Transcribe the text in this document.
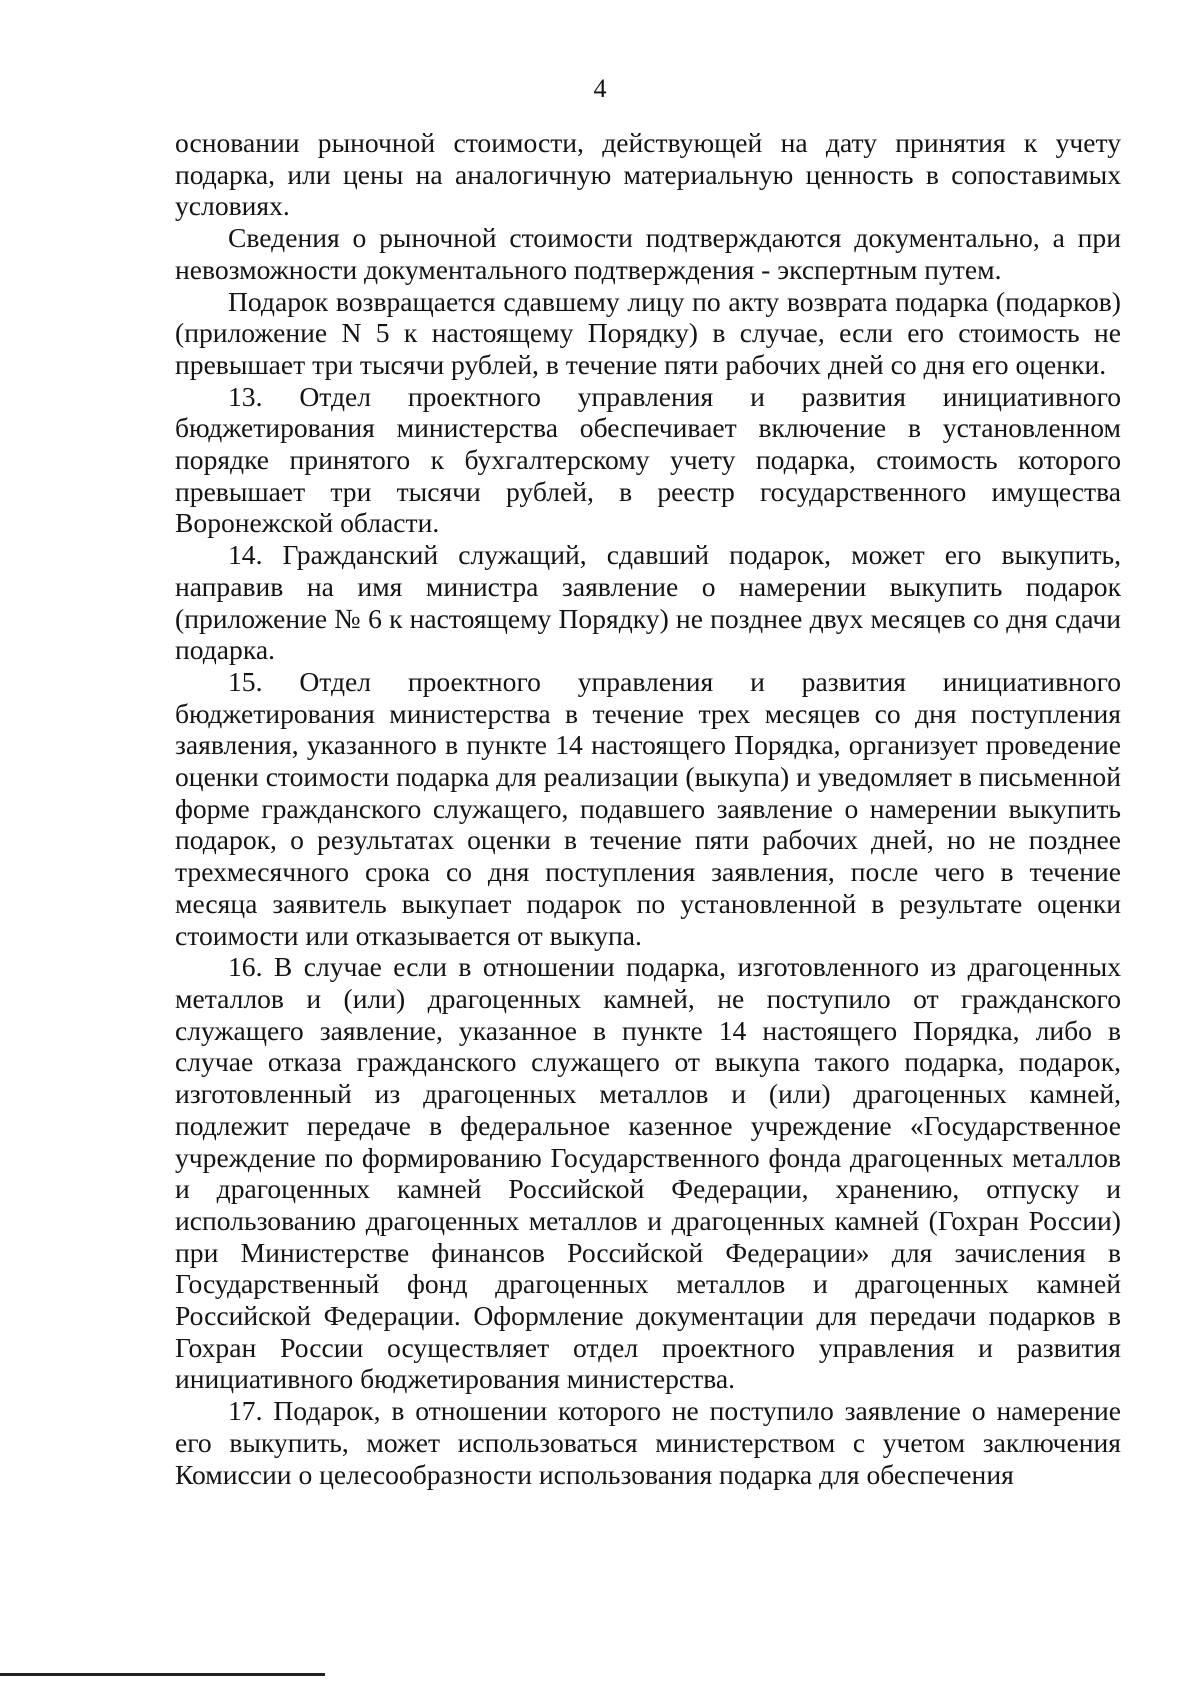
4

основании рыночной стоимости, действующей на дату принятия к учету подарка, или цены на аналогичную материальную ценность в сопоставимых условиях.

Сведения о рыночной стоимости подтверждаются документально, а при невозможности документального подтверждения - экспертным путем.

Подарок возвращается сдавшему лицу по акту возврата подарка (подарков) (приложение N 5 к настоящему Порядку) в случае, если его стоимость не превышает три тысячи рублей, в течение пяти рабочих дней со дня его оценки.

13. Отдел проектного управления и развития инициативного бюджетирования министерства обеспечивает включение в установленном порядке принятого к бухгалтерскому учету подарка, стоимость которого превышает три тысячи рублей, в реестр государственного имущества Воронежской области.

14. Гражданский служащий, сдавший подарок, может его выкупить, направив на имя министра заявление о намерении выкупить подарок (приложение № 6 к настоящему Порядку) не позднее двух месяцев со дня сдачи подарка.

15. Отдел проектного управления и развития инициативного бюджетирования министерства в течение трех месяцев со дня поступления заявления, указанного в пункте 14 настоящего Порядка, организует проведение оценки стоимости подарка для реализации (выкупа) и уведомляет в письменной форме гражданского служащего, подавшего заявление о намерении выкупить подарок, о результатах оценки в течение пяти рабочих дней, но не позднее трехмесячного срока со дня поступления заявления, после чего в течение месяца заявитель выкупает подарок по установленной в результате оценки стоимости или отказывается от выкупа.

16. В случае если в отношении подарка, изготовленного из драгоценных металлов и (или) драгоценных камней, не поступило от гражданского служащего заявление, указанное в пункте 14 настоящего Порядка, либо в случае отказа гражданского служащего от выкупа такого подарка, подарок, изготовленный из драгоценных металлов и (или) драгоценных камней, подлежит передаче в федеральное казенное учреждение «Государственное учреждение по формированию Государственного фонда драгоценных металлов и драгоценных камней Российской Федерации, хранению, отпуску и использованию драгоценных металлов и драгоценных камней (Гохран России) при Министерстве финансов Российской Федерации» для зачисления в Государственный фонд драгоценных металлов и драгоценных камней Российской Федерации. Оформление документации для передачи подарков в Гохран России осуществляет отдел проектного управления и развития инициативного бюджетирования министерства.

17. Подарок, в отношении которого не поступило заявление о намерение его выкупить, может использоваться министерством с учетом заключения Комиссии о целесообразности использования подарка для обеспечения
